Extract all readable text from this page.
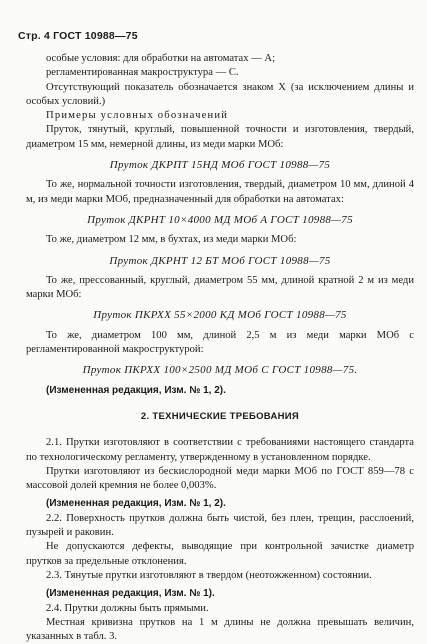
Стр. 4 ГОСТ 10988—75

особые условия: для обработки на автоматах — А;

регламентированная макроструктура — С.

Отсутствующий показатель обозначается знаком X (за исключением длины и особых условий.)

Примеры условных обозначений

Пруток, тянутый, круглый, повышенной точности и изготовления, твердый, диаметром 15 мм, немерной длины, из меди марки МОб:

Пруток ДКРПТ 15НД МОб ГОСТ 10988—75

То же, нормальной точности изготовления, твердый, диаметром 10 мм, длиной 4 м, из меди марки МОб, предназначенный для обработки на автоматах:

Пруток ДКРНТ 10×4000 МД МОб А ГОСТ 10988—75

То же, диаметром 12 мм, в бухтах, из меди марки МОб:

Пруток ДКРНТ 12 БТ МОб ГОСТ 10988—75

То же, прессованный, круглый, диаметром 55 мм, длиной кратной 2 м из меди марки МОб:

Пруток ПКРХХ 55×2000 КД МОб ГОСТ 10988—75

То же, диаметром 100 мм, длиной 2,5 м из меди марки МОб с регламентированной макроструктурой:

Пруток ПКРХХ 100×2500 МД МОб С ГОСТ 10988—75.

(Измененная редакция, Изм. № 1, 2).

2. ТЕХНИЧЕСКИЕ ТРЕБОВАНИЯ

2.1. Прутки изготовляют в соответствии с требованиями настоящего стандарта по технологическому регламенту, утвержденному в установленном порядке.

Прутки изготовляют из бескислородной меди марки МОб по ГОСТ 859—78 с массовой долей кремния не более 0,003%.

(Измененная редакция, Изм. № 1, 2).

2.2. Поверхность прутков должна быть чистой, без плен, трещин, расслоений, пузырей и раковин.

Не допускаются дефекты, выводящие при контрольной зачистке диаметр прутков за предельные отклонения.

2.3. Тянутые прутки изготовляют в твердом (неотожженном) состоянии.

(Измененная редакция, Изм. № 1).

2.4. Прутки должны быть прямыми.

Местная кривизна прутков на 1 м длины не должна превышать величин, указанных в табл. 3.
